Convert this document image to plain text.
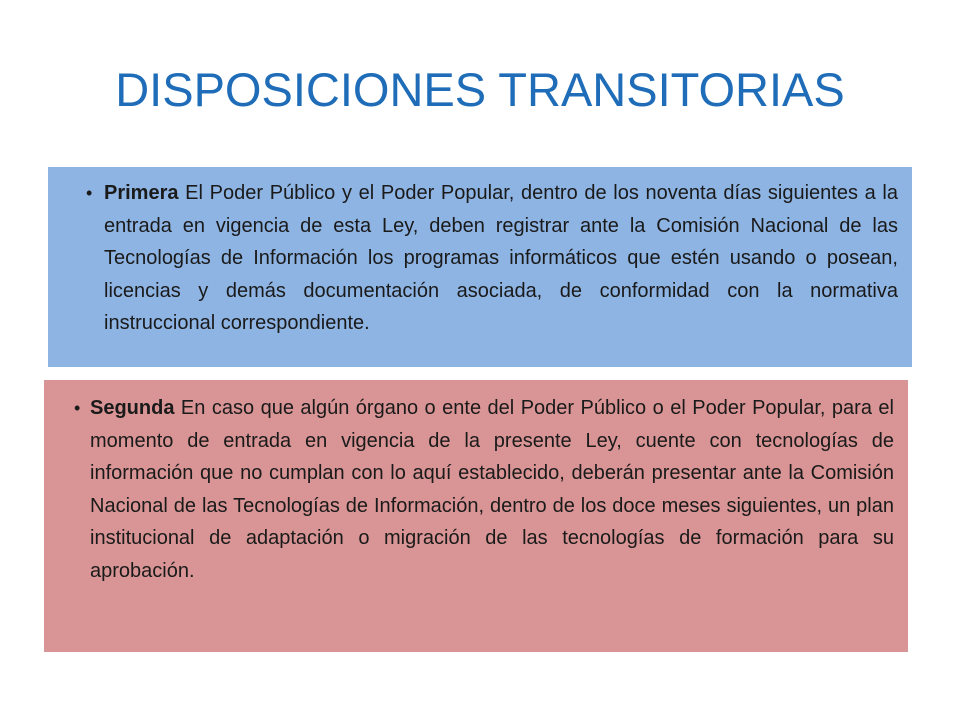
DISPOSICIONES TRANSITORIAS
• Primera El Poder Público y el Poder Popular, dentro de los noventa días siguientes a la entrada en vigencia de esta Ley, deben registrar ante la Comisión Nacional de las Tecnologías de Información los programas informáticos que estén usando o posean, licencias y demás documentación asociada, de conformidad con la normativa instruccional correspondiente.

• Segunda En caso que algún órgano o ente del Poder Público o el Poder Popular, para el momento de entrada en vigencia de la presente Ley, cuente con tecnologías de información que no cumplan con lo aquí establecido, deberán presentar ante la Comisión Nacional de las Tecnologías de Información, dentro de los doce meses siguientes, un plan institucional de adaptación o migración de las tecnologías de formación para su aprobación.
